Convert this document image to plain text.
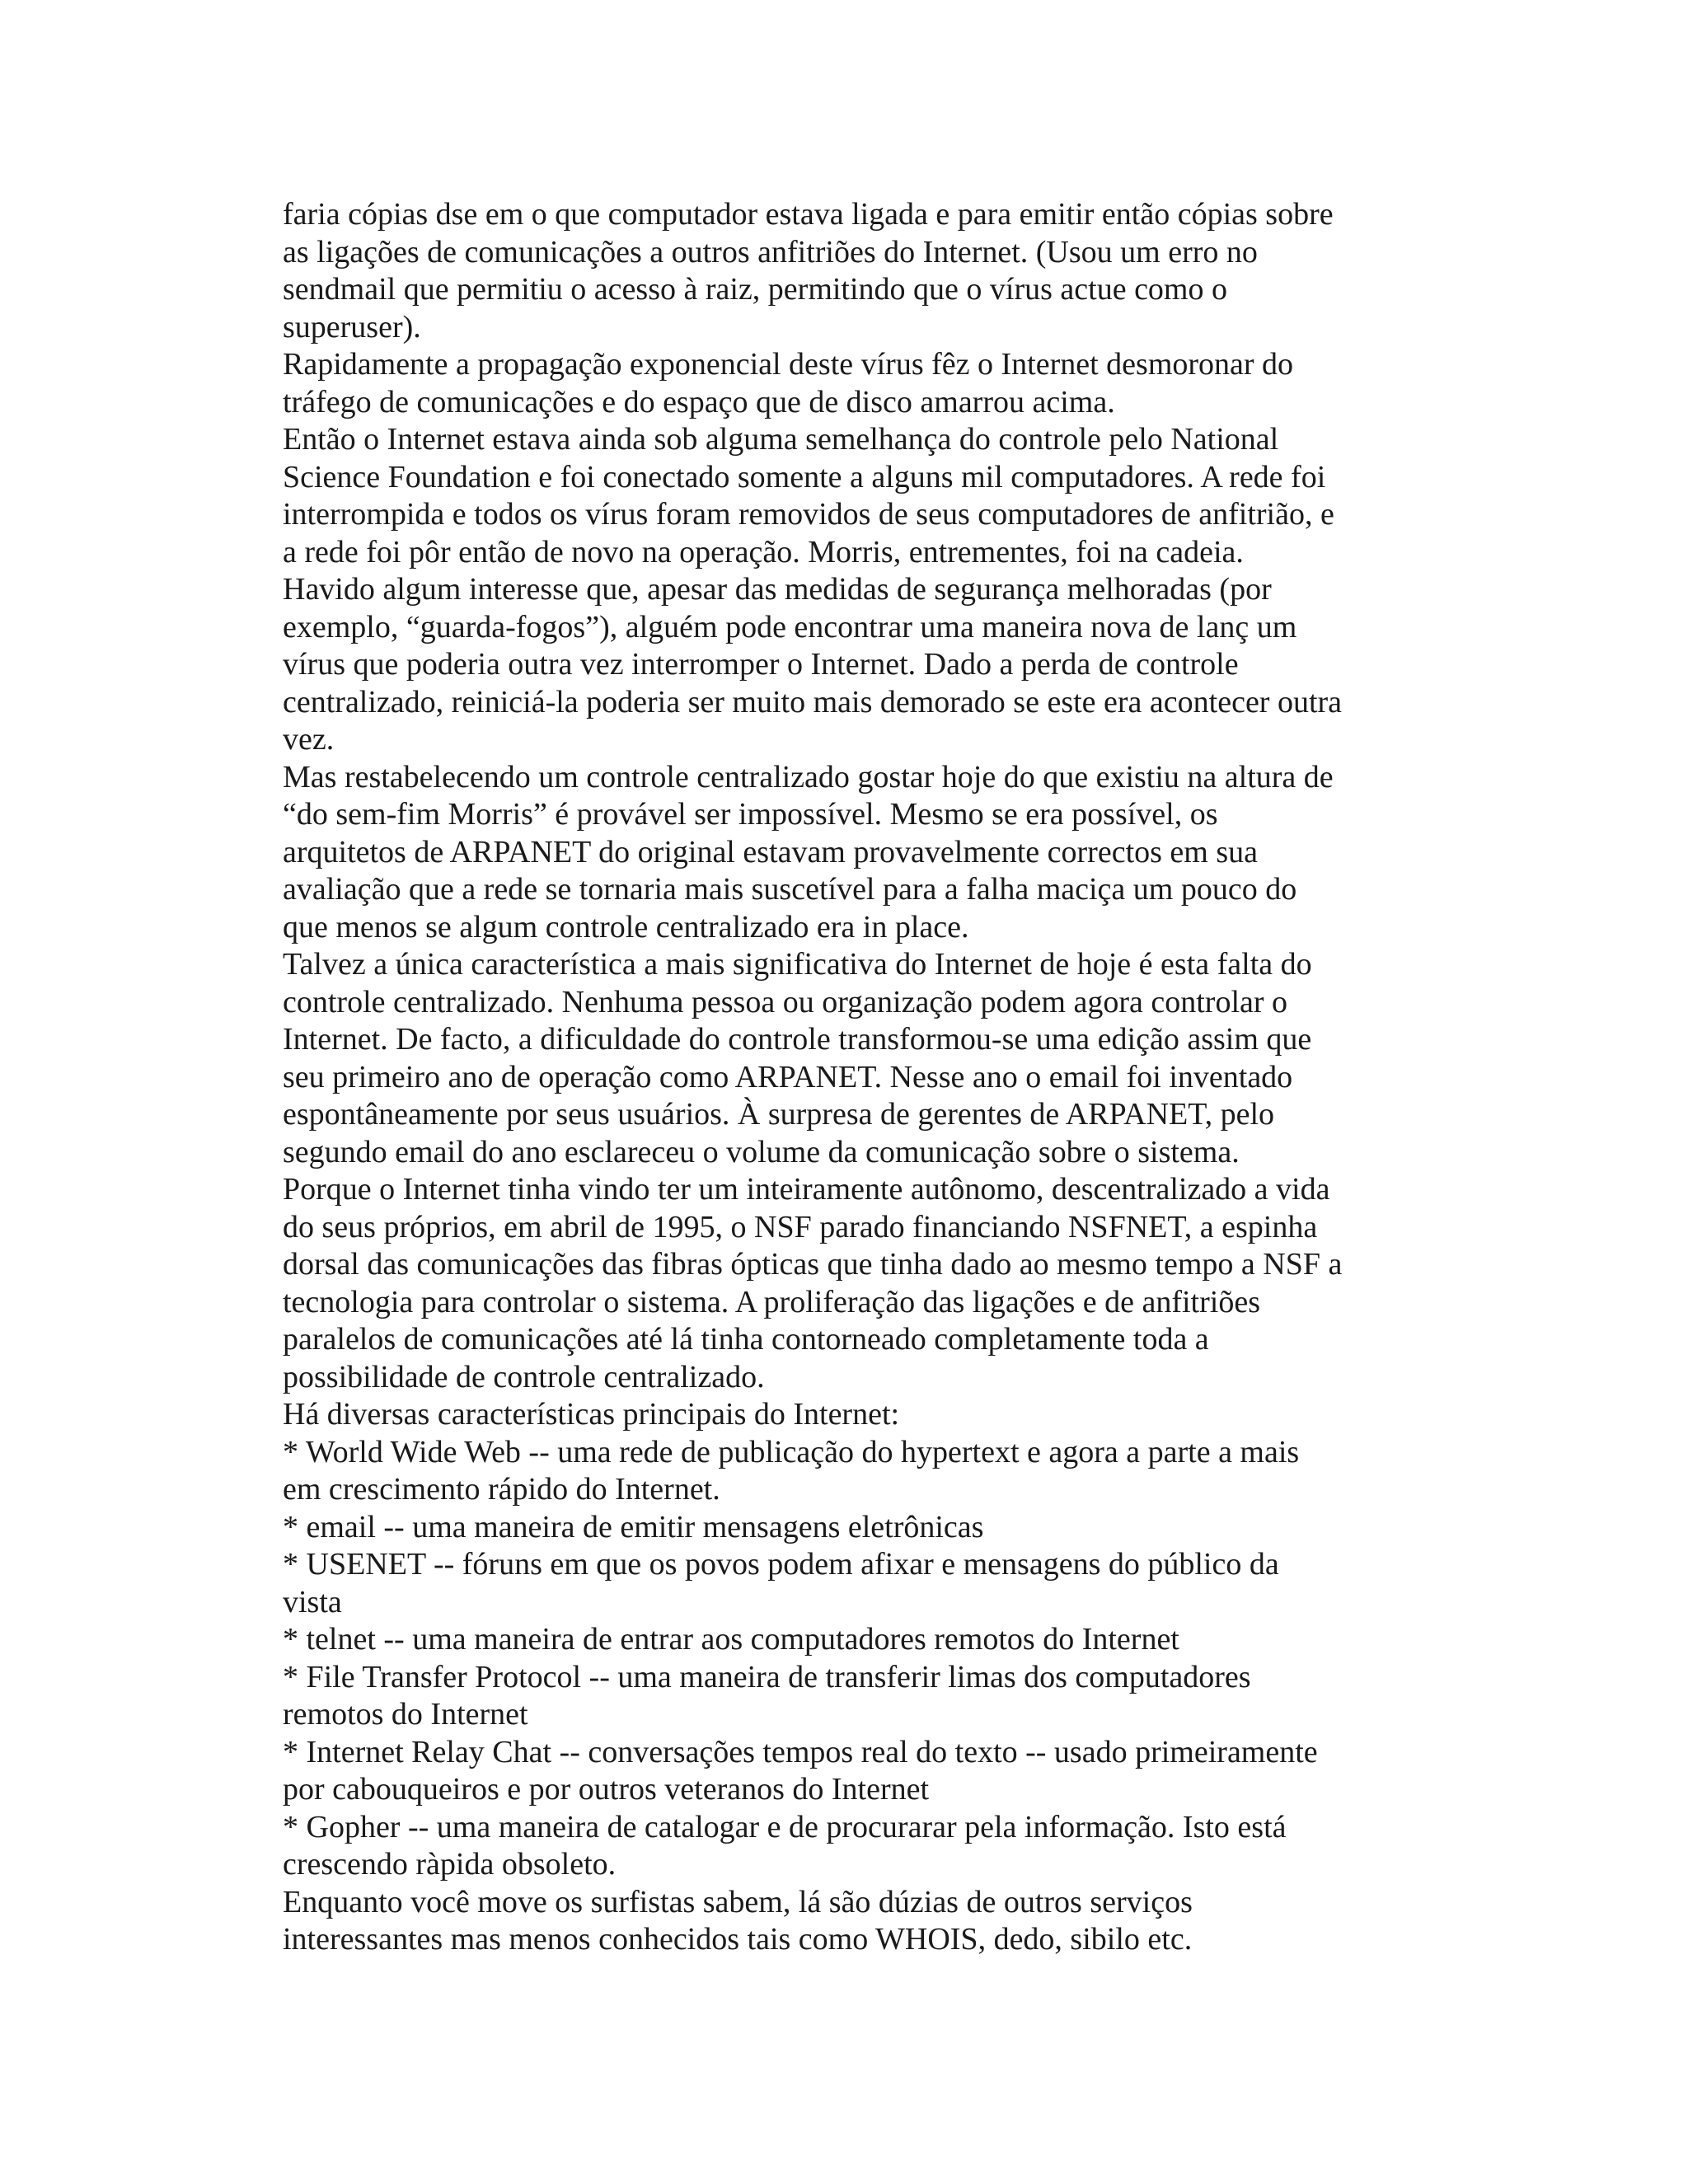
faria cópias dse em o que computador estava ligada e para emitir então cópias sobre
as ligações de comunicações a outros anfitriões do Internet. (Usou um erro no
sendmail que permitiu o acesso à raiz, permitindo que o vírus actue como o
superuser).
Rapidamente a propagação exponencial deste vírus fêz o Internet desmoronar do
tráfego de comunicações e do espaço que de disco amarrou acima.
Então o Internet estava ainda sob alguma semelhança do controle pelo National
Science Foundation e foi conectado somente a alguns mil computadores. A rede foi
interrompida e todos os vírus foram removidos de seus computadores de anfitrião, e
a rede foi pôr então de novo na operação. Morris, entrementes, foi na cadeia.
Havido algum interesse que, apesar das medidas de segurança melhoradas (por
exemplo, “guarda-fogos”), alguém pode encontrar uma maneira nova de lanç um
vírus que poderia outra vez interromper o Internet. Dado a perda de controle
centralizado, reiniciá-la poderia ser muito mais demorado se este era acontecer outra
vez.
Mas restabelecendo um controle centralizado gostar hoje do que existiu na altura de
“do sem-fim Morris” é provável ser impossível. Mesmo se era possível, os
arquitetos de ARPANET do original estavam provavelmente correctos em sua
avaliação que a rede se tornaria mais suscetível para a falha maciça um pouco do
que menos se algum controle centralizado era in place.
Talvez a única característica a mais significativa do Internet de hoje é esta falta do
controle centralizado. Nenhuma pessoa ou organização podem agora controlar o
Internet. De facto, a dificuldade do controle transformou-se uma edição assim que
seu primeiro ano de operação como ARPANET. Nesse ano o email foi inventado
espontâneamente por seus usuários. À surpresa de gerentes de ARPANET, pelo
segundo email do ano esclareceu o volume da comunicação sobre o sistema.
Porque o Internet tinha vindo ter um inteiramente autônomo, descentralizado a vida
do seus próprios, em abril de 1995, o NSF parado financiando NSFNET, a espinha
dorsal das comunicações das fibras ópticas que tinha dado ao mesmo tempo a NSF a
tecnologia para controlar o sistema. A proliferação das ligações e de anfitriões
paralelos de comunicações até lá tinha contorneado completamente toda a
possibilidade de controle centralizado.
Há diversas características principais do Internet:
* World Wide Web -- uma rede de publicação do hypertext e agora a parte a mais
em crescimento rápido do Internet.
* email -- uma maneira de emitir mensagens eletrônicas
* USENET -- fóruns em que os povos podem afixar e mensagens do público da
vista
* telnet -- uma maneira de entrar aos computadores remotos do Internet
* File Transfer Protocol -- uma maneira de transferir limas dos computadores
remotos do Internet
* Internet Relay Chat -- conversações tempos real do texto -- usado primeiramente
por cabouqueiros e por outros veteranos do Internet
* Gopher -- uma maneira de catalogar e de procurarar pela informação. Isto está
crescendo ràpida obsoleto.
Enquanto você move os surfistas sabem, lá são dúzias de outros serviços
interessantes mas menos conhecidos tais como WHOIS, dedo, sibilo etc.
